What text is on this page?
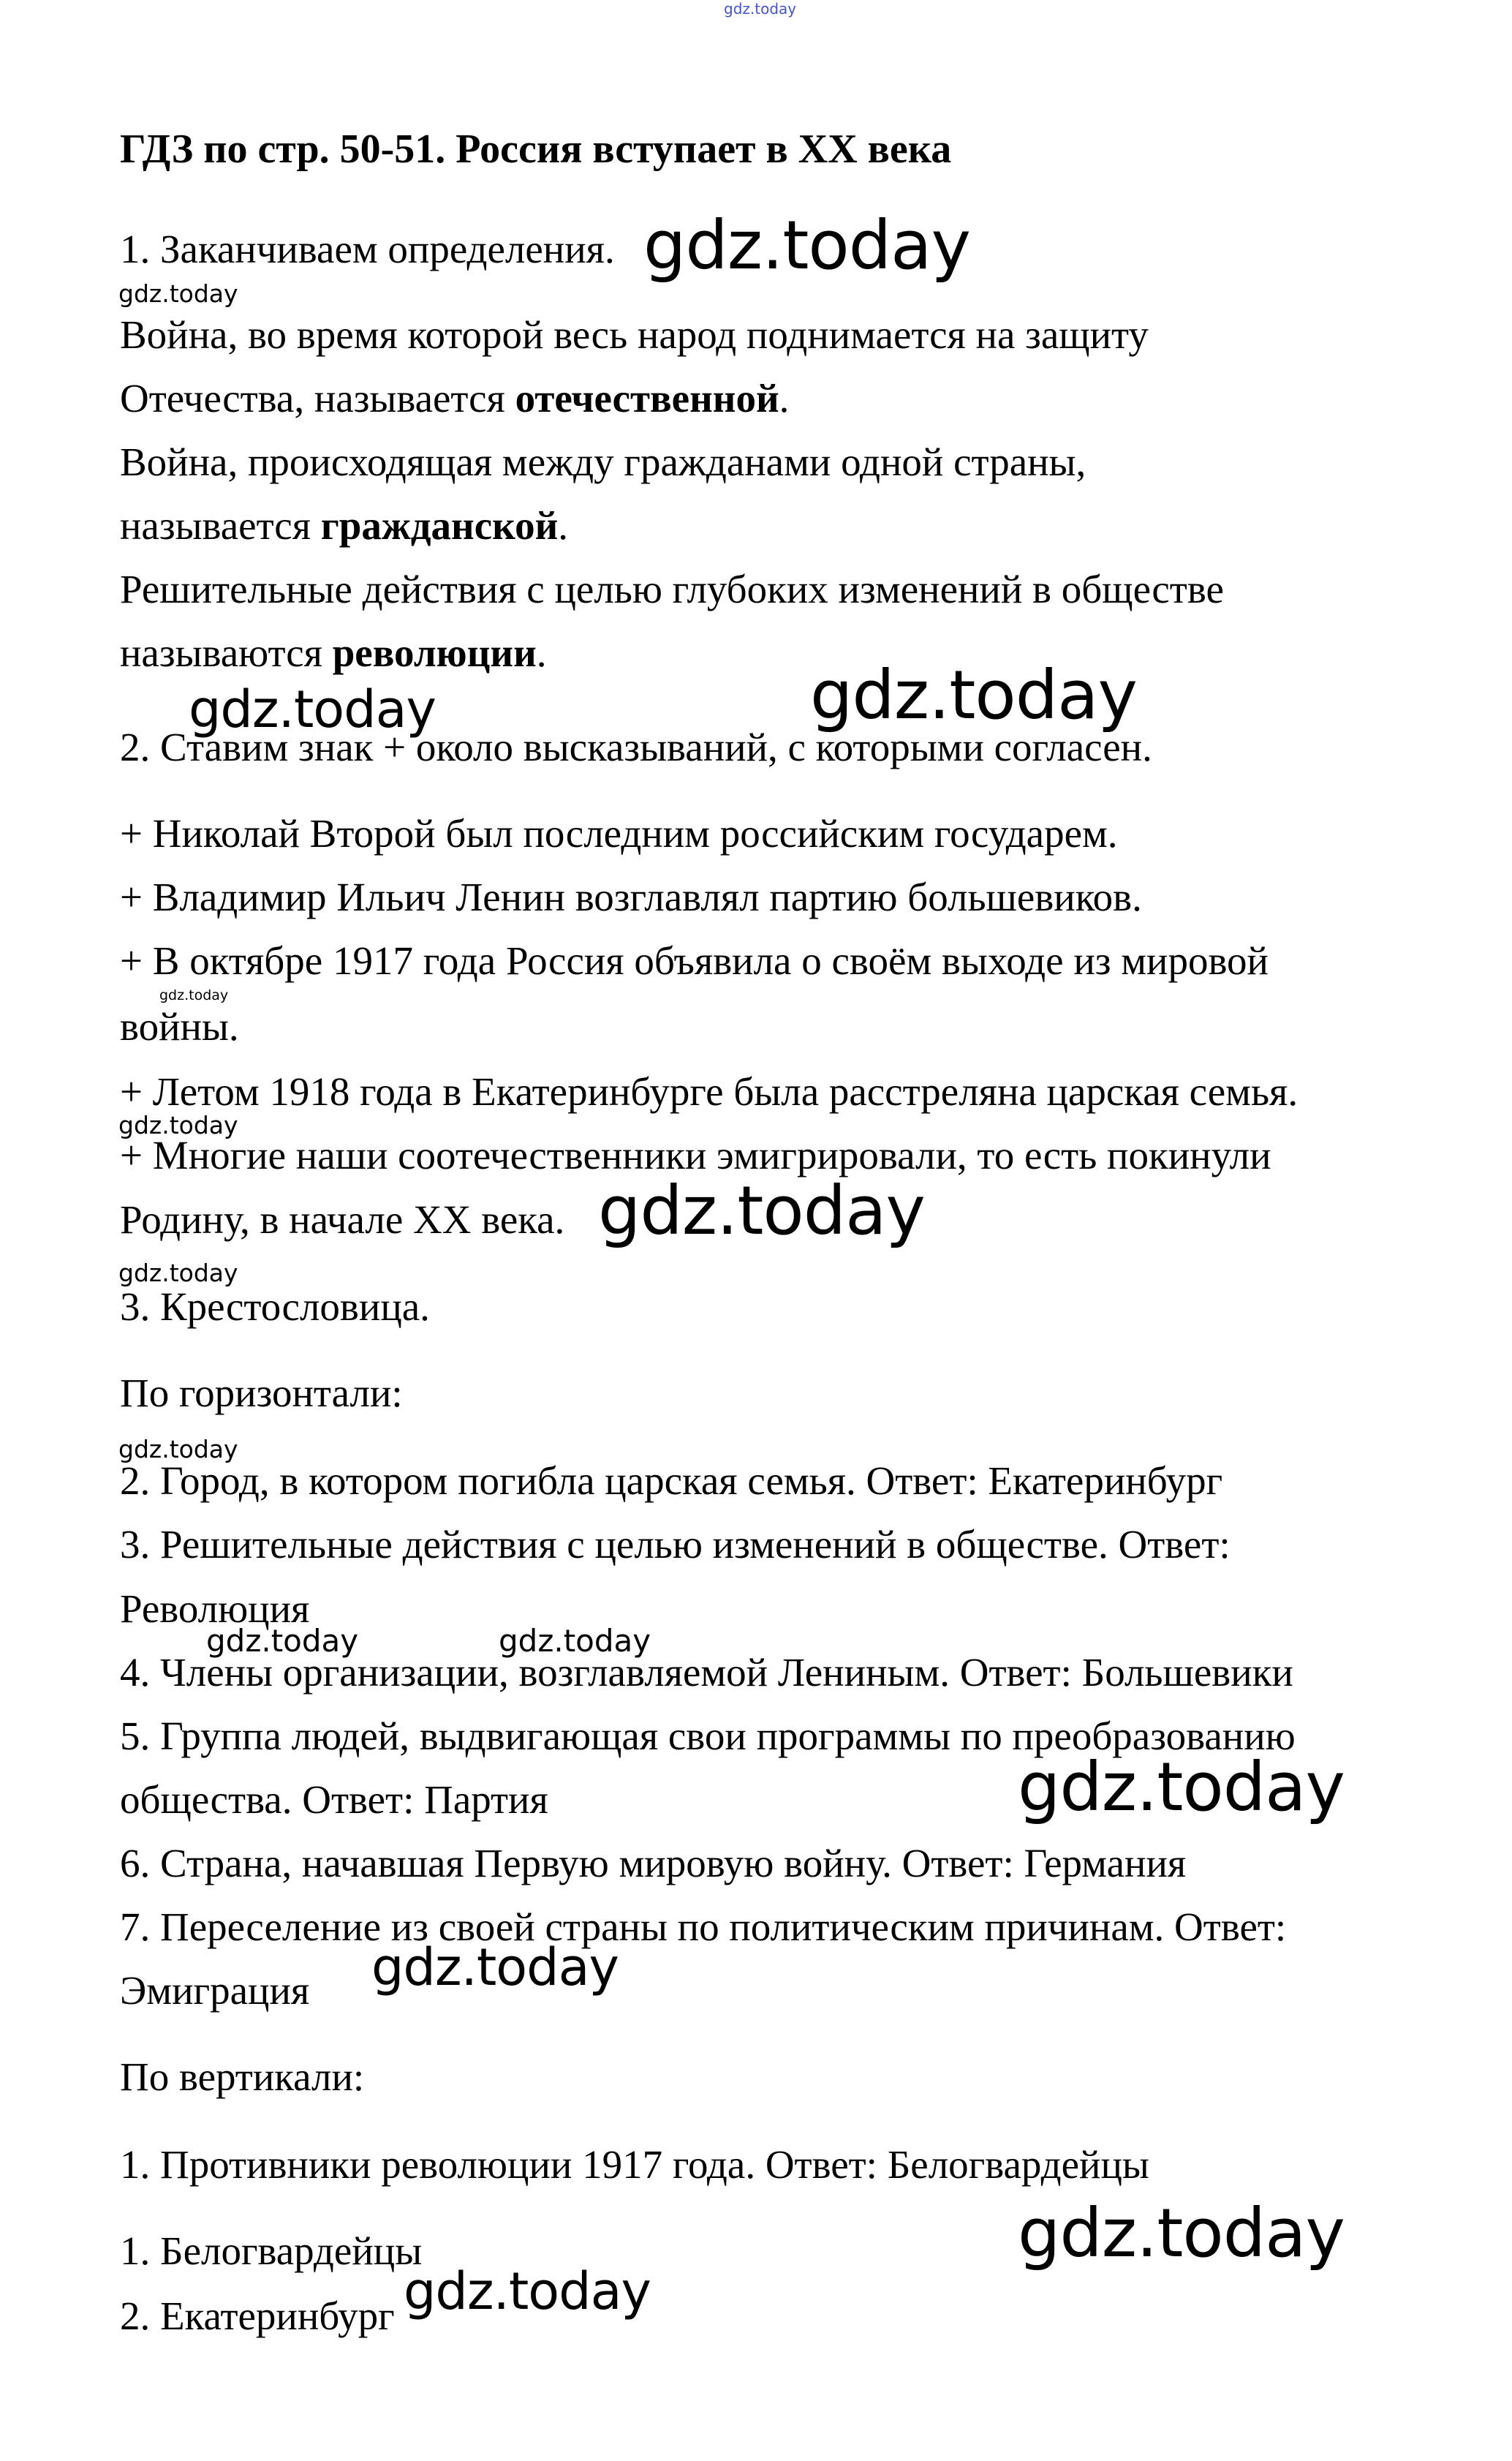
gdz.today
ГДЗ по стр. 50-51. Россия вступает в XX века
1. Заканчиваем определения. gdz.today
gdz.today
Война, во время которой весь народ поднимается на защиту
Отечества, называется отечественной.
Война, происходящая между гражданами одной страны,
называется гражданской.
Решительные действия с целью глубоких изменений в обществе
называются революции.
gdz.today	gdz.today
2. Ставим знак + около высказываний, с которыми согласен.
+ Николай Второй был последним российским государем.
+ Владимир Ильич Ленин возглавлял партию большевиков.
+ В октябре 1917 года Россия объявила о своём выходе из мировой
gdz.today
войны.
+ Летом 1918 года в Екатеринбурге была расстреляна царская семья.
gdz.today
+ Многие наши соотечественники эмигрировали, то есть покинули
Родину, в начале XX века. gdz.today
gdz.today
3. Крестословица.
По горизонтали:
gdz.today
2. Город, в котором погибла царская семья. Ответ: Екатеринбург
3. Решительные действия с целью изменений в обществе. Ответ:
Революция
gdz.today	gdz.today
4. Члены организации, возглавляемой Лениным. Ответ: Большевики
5. Группа людей, выдвигающая свои программы по преобразованию
общества. Ответ: Партия	gdz.today
6. Страна, начавшая Первую мировую войну. Ответ: Германия
7. Переселение из своей страны по политическим причинам. Ответ:
gdz.today
Эмиграция
По вертикали:
1. Противники революции 1917 года. Ответ: Белогвардейцы
gdz.today
1. Белогвардейцы
gdz.today
2. Екатеринбург
